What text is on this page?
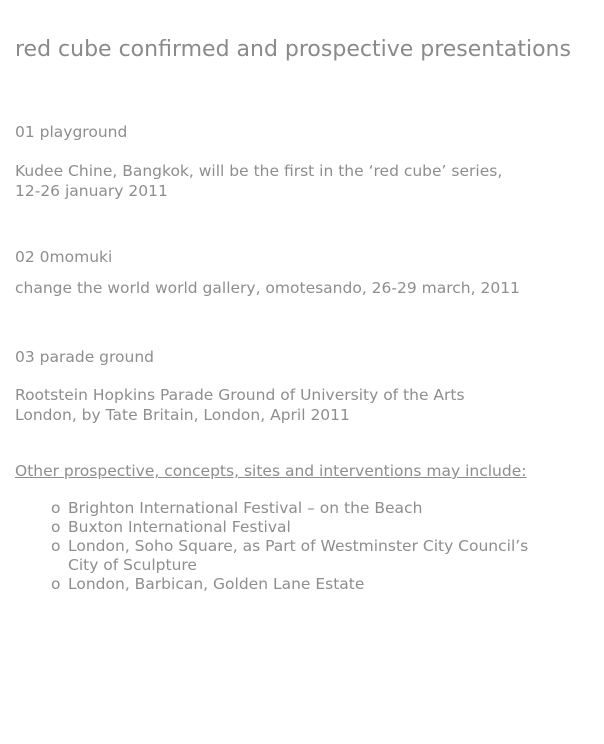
red cube confirmed and prospective presentations
01 playground

Kudee Chine, Bangkok, will be the first in the ‘red cube’ series,
12-26 january 2011

02 0momuki

change the world world gallery, omotesando, 26-29 march, 2011

03 parade ground

Rootstein Hopkins Parade Ground of University of the Arts
London, by Tate Britain, London, April 2011

Other prospective, concepts, sites and interventions may include:

o Brighton International Festival – on the Beach
o Buxton International Festival
o London, Soho Square, as Part of Westminster City Council’s
City of Sculpture
o London, Barbican, Golden Lane Estate
